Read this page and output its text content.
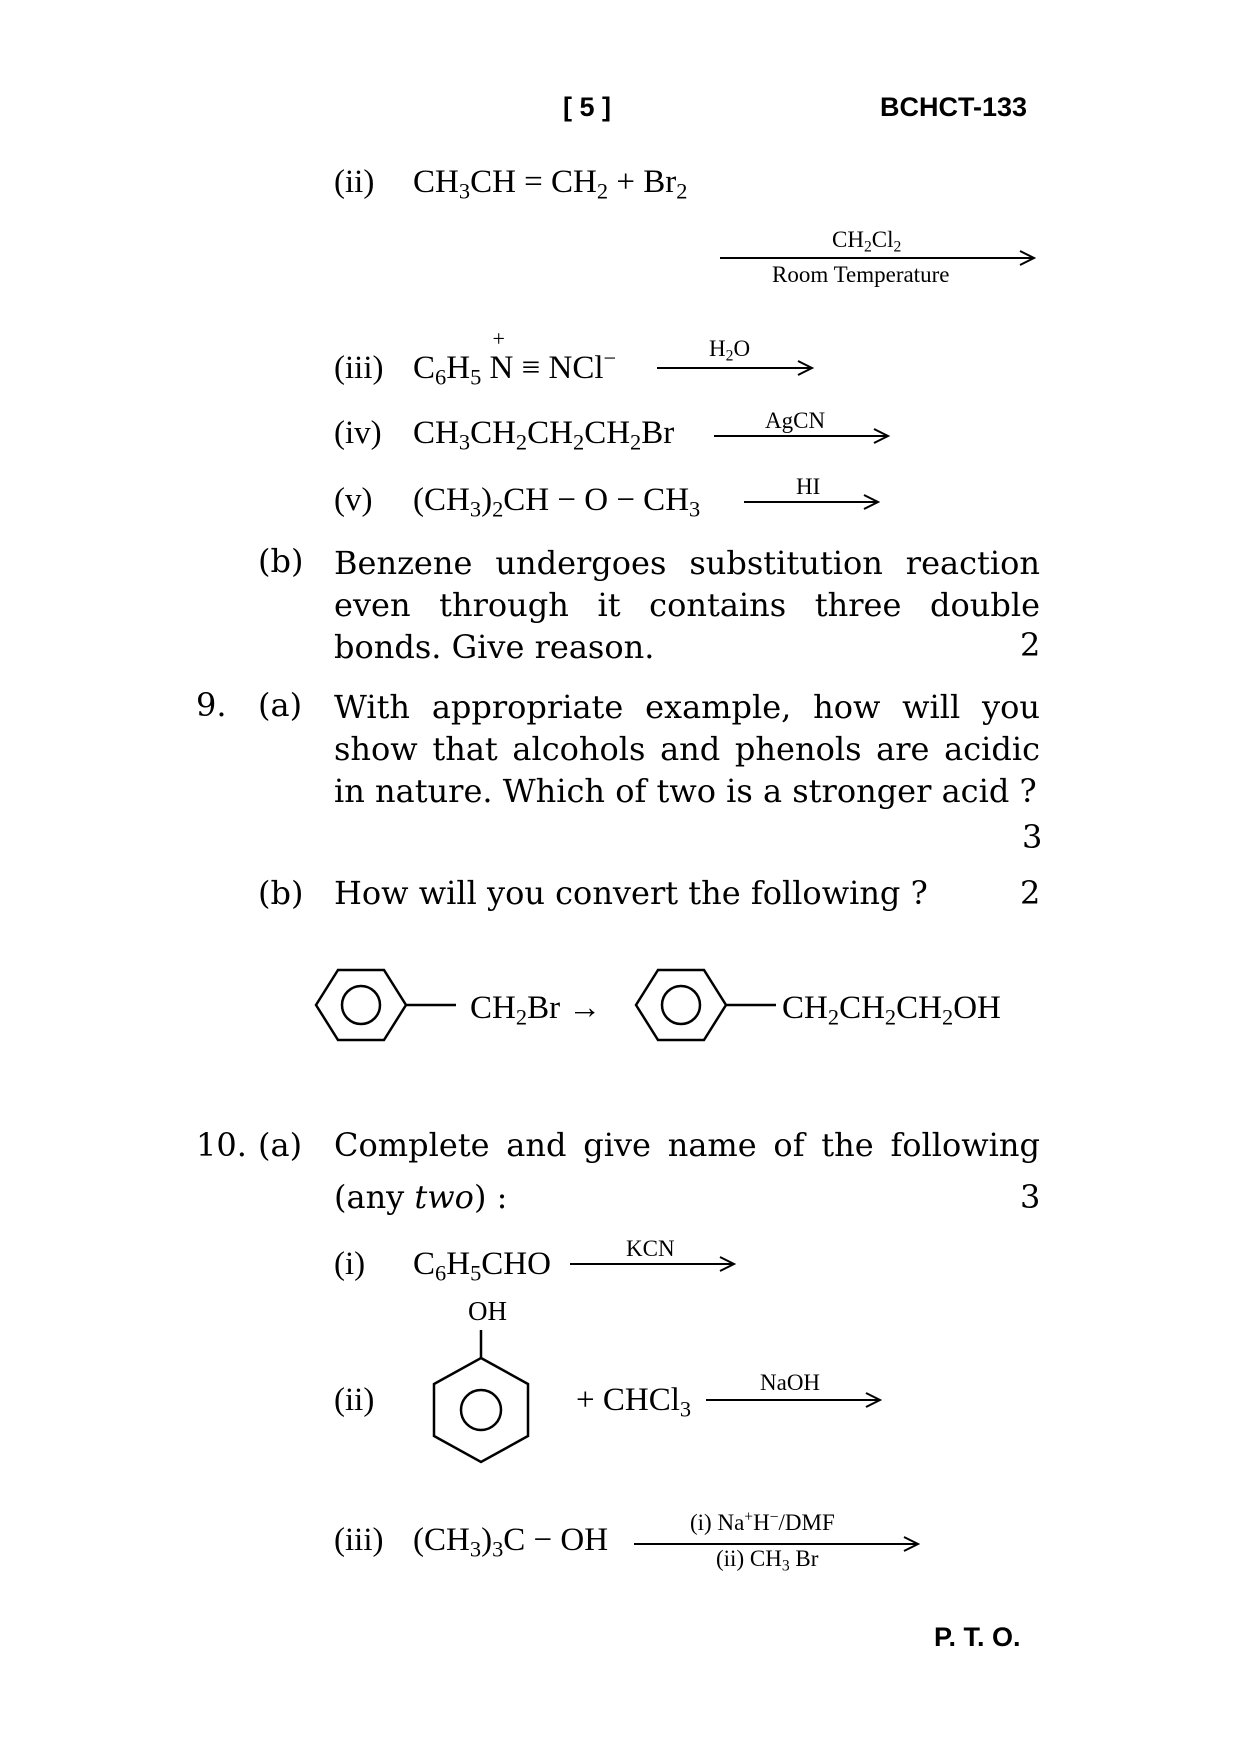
[ 5 ]	BCHCT-133
(ii) $CH_3CH = CH_2 + Br_2$
$CH_2Cl_2$
Room Temperature
(iii) $C_6H_5$ N
+
≡ NCl−	$H_2O$
(iv) $CH_3CH_2CH_2CH_2Br$	AgCN
(v) $(CH_3)_2CH - O - CH_3$
HI
(b) Benzene undergoes substitution reaction even through it contains three double bonds. Give reason.	2
9. (a) With appropriate example, how will you show that alcohols and phenols are acidic in nature. Which of two is a stronger acid ?
3
(b) How will you convert the following ?	2
$CH_2Br$ →	$CH_2CH_2CH_2OH$
10. (a) Complete and give name of the following
(any two) :	3
(i) $C_6H_5CHO$	KCN
OH
(ii)	+ CHCl$_3$
NaOH
(iii) $(CH_3)_3C$ − OH	(i) Na+H−/DMF
(ii) $CH_3$ Br
P. T. O.
